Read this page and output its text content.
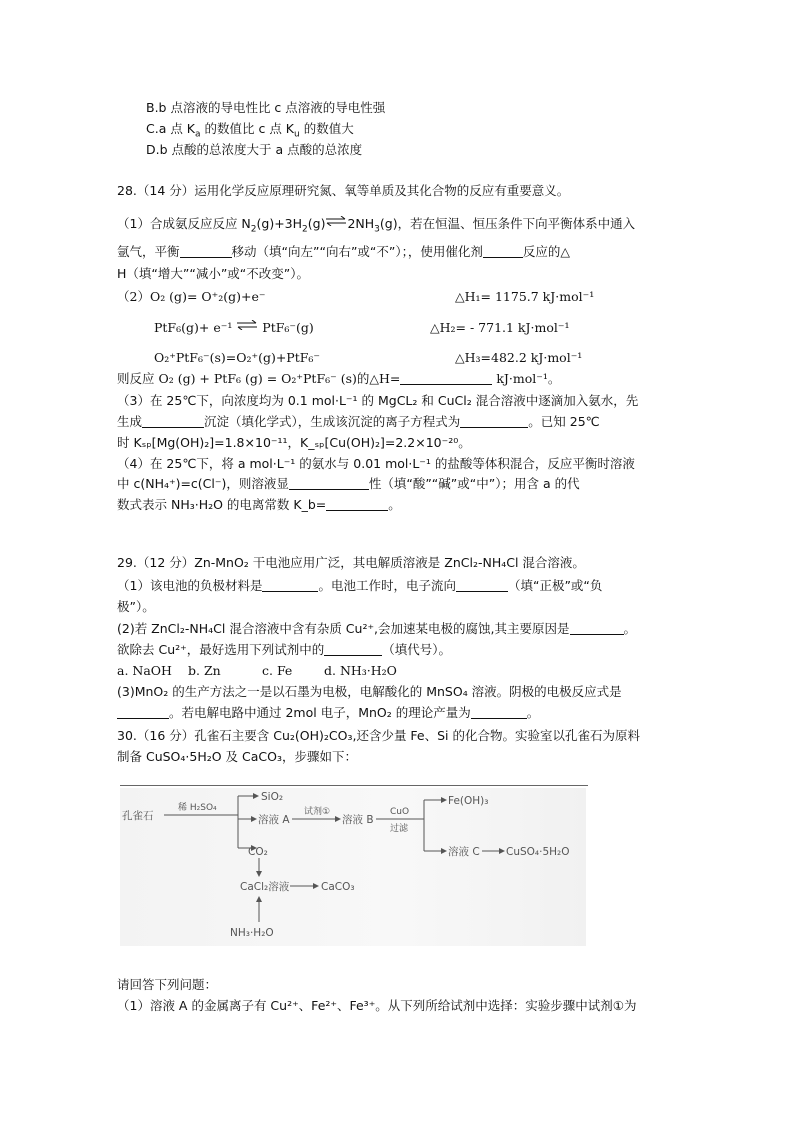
B.b 点溶液的导电性比 c 点溶液的导电性强
C.a 点 $K_a$ 的数值比 c 点 $K_u$ 的数值大
D.b 点酸的总浓度大于 a 点酸的总浓度
28.（14 分）运用化学反应原理研究氮、氧等单质及其化合物的反应有重要意义。
（1）合成氨反应反应 $N_2(g)+3H_2(g)\rightleftharpoons 2NH_3(g)$，若在恒温、恒压条件下向平衡体系中通入
氩气，平衡	移动（填“向左”“向右”或“不”）；，使用催化剂	反应的△
H（填“增大”“减小”或“不改变”）。
（2）O₂ (g)= O⁺₂(g)+e⁻	△H₁= 1175.7 kJ·mol⁻¹
PtF₆(g)+ e⁻¹ ⇌ PtF₆⁻(g)	△H₂= - 771.1 kJ·mol⁻¹
O₂⁺PtF₆⁻(s)=O₂⁺(g)+PtF₆⁻	△H₃=482.2 kJ·mol⁻¹
则反应 O₂ (g) + PtF₆ (g) = O₂⁺PtF₆⁻ (s)的△H=	kJ·mol⁻¹。
（3）在 25℃下，向浓度均为 0.1 mol·L⁻¹ 的 MgCL₂ 和 CuCl₂ 混合溶液中逐滴加入氨水，先
生成	沉淀（填化学式），生成该沉淀的离子方程式为	。已知 25℃
时 Kₛₚ[Mg(OH)₂]=1.8×10⁻¹¹，K_ₛₚ[Cu(OH)₂]=2.2×10⁻²⁰。
（4）在 25℃下，将 a mol·L⁻¹ 的氨水与 0.01 mol·L⁻¹ 的盐酸等体积混合，反应平衡时溶液
中 c(NH₄⁺)=c(Cl⁻)，则溶液显	性（填“酸”“碱”或“中”）；用含 a 的代
数式表示 NH₃·H₂O 的电离常数 K_b=	。
29.（12 分）Zn-MnO₂ 干电池应用广泛，其电解质溶液是 ZnCl₂-NH₄Cl 混合溶液。
（1）该电池的负极材料是	。电池工作时，电子流向	（填“正极”或“负
极”）。
(2)若 ZnCl₂-NH₄Cl 混合溶液中含有杂质 Cu²⁺,会加速某电极的腐蚀,其主要原因是	。
欲除去 Cu²⁺，最好选用下列试剂中的	（填代号）。
a. NaOH b. Zn	c. Fe	d. NH₃·H₂O
(3)MnO₂ 的生产方法之一是以石墨为电极，电解酸化的 MnSO₄ 溶液。阴极的电极反应式是
。若电解电路中通过 2mol 电子，MnO₂ 的理论产量为	。
30.（16 分）孔雀石主要含 Cu₂(OH)₂CO₃,还含少量 Fe、Si 的化合物。实验室以孔雀石为原料
制备 CuSO₄·5H₂O 及 CaCO₃，步骤如下：
孔雀石
稀 H₂SO₄
SiO₂
溶液 A
试剂①
溶液 B
CuO
过滤
Fe(OH)₃
溶液 C	CuSO₄·5H₂O
CO₂
CaCl₂溶液	CaCO₃
NH₃·H₂O
请回答下列问题：
（1）溶液 A 的金属离子有 Cu²⁺、Fe²⁺、Fe³⁺。从下列所给试剂中选择：实验步骤中试剂①为
